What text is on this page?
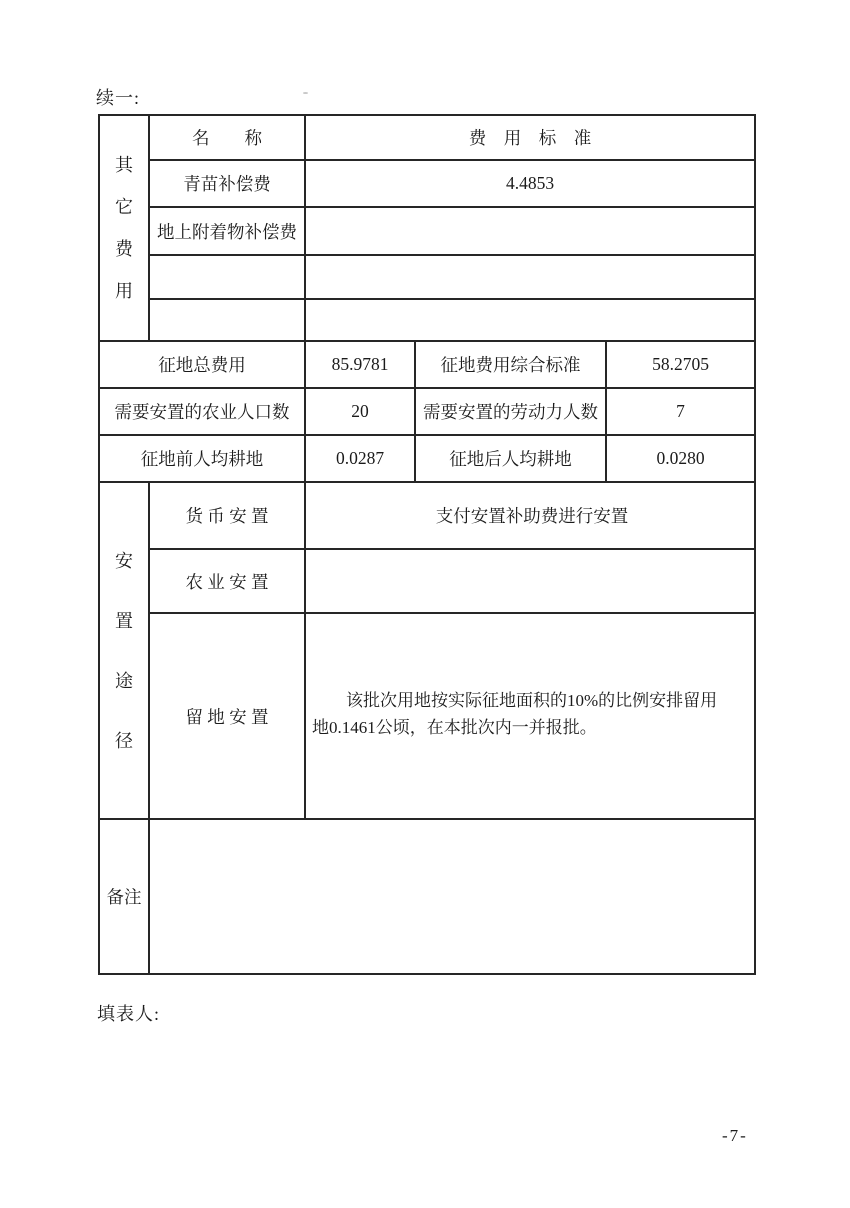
续一:
其
它
费
用	名　　称	费　用　标　准		
	青苗补偿费	4.4853		
	地上附着物补偿费			

征地总费用		85.9781	征地费用综合标准	58.2705
需要安置的农业人口数		20	需要安置的劳动力人数	7
征地前人均耕地		0.0287	征地后人均耕地	0.0280

安
置
途
径	货 币 安 置	支付安置补助费进行安置		
	农 业 安 置			
	留 地 安 置	该批次用地按实际征地面积的10%的比例安排留用地0.1461公顷，在本批次内一并报批。		

备注				
填表人:
-7-
